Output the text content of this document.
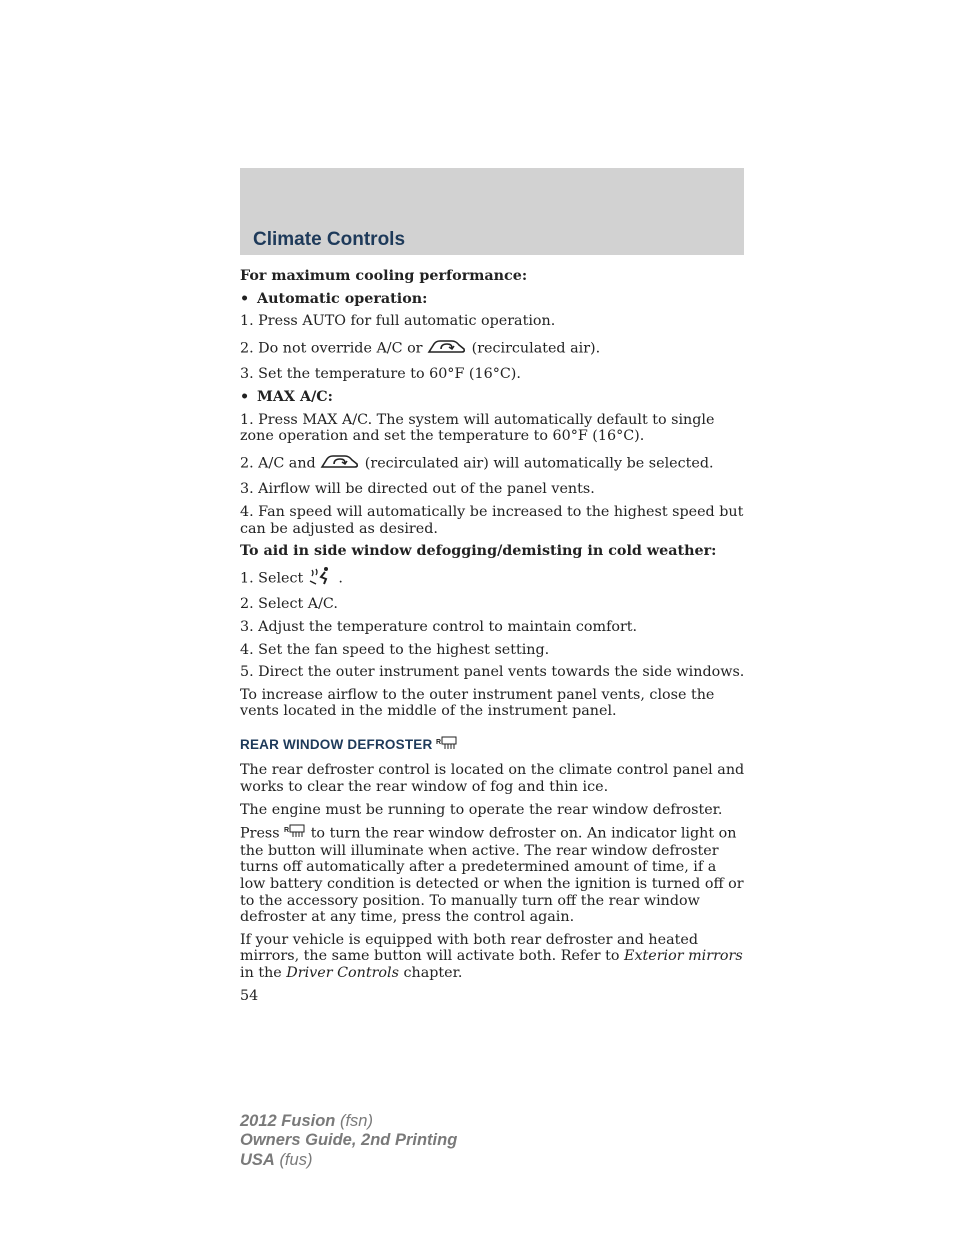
Climate Controls

For maximum cooling performance:

• Automatic operation:

1. Press AUTO for full automatic operation.

2. Do not override A/C or	(recirculated air).

3. Set the temperature to 60°F (16°C).

• MAX A/C:

1. Press MAX A/C. The system will automatically default to single zone operation and set the temperature to 60°F (16°C).

2. A/C and	(recirculated air) will automatically be selected.

3. Airflow will be directed out of the panel vents.

4. Fan speed will automatically be increased to the highest speed but can be adjusted as desired.

To aid in side window defogging/demisting in cold weather:

1. Select .

2. Select A/C.

3. Adjust the temperature control to maintain comfort.

4. Set the fan speed to the highest setting.

5. Direct the outer instrument panel vents towards the side windows.

To increase airflow to the outer instrument panel vents, close the vents located in the middle of the instrument panel.

REAR WINDOW DEFROSTER R

The rear defroster control is located on the climate control panel and works to clear the rear window of fog and thin ice.

The engine must be running to operate the rear window defroster.

Press R to turn the rear window defroster on. An indicator light on the button will illuminate when active. The rear window defroster turns off automatically after a predetermined amount of time, if a low battery condition is detected or when the ignition is turned off or to the accessory position. To manually turn off the rear window defroster at any time, press the control again.

If your vehicle is equipped with both rear defroster and heated mirrors, the same button will activate both. Refer to Exterior mirrors in the Driver Controls chapter.

54
2012 Fusion (fsn)
Owners Guide, 2nd Printing
USA (fus)
